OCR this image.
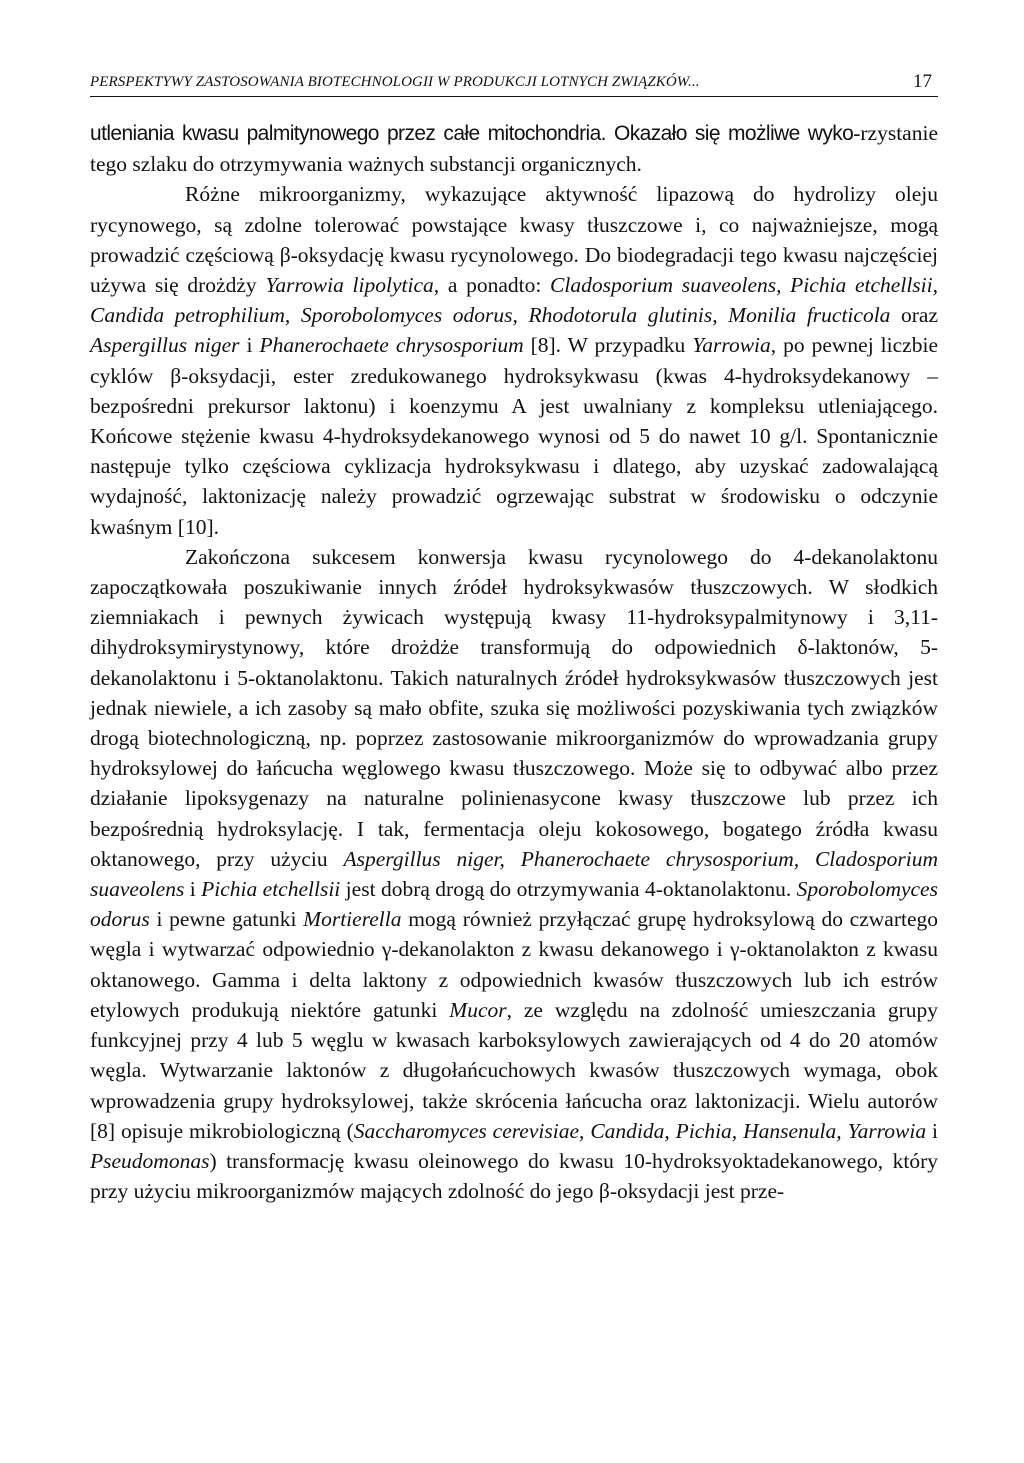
PERSPEKTYWY ZASTOSOWANIA BIOTECHNOLOGII W PRODUKCJI LOTNYCH ZWIĄZKÓW...	17

utleniania kwasu palmitynowego przez całe mitochondria. Okazało się możliwe wyko-rzystanie tego szlaku do otrzymywania ważnych substancji organicznych.

Różne mikroorganizmy, wykazujące aktywność lipazową do hydrolizy oleju rycynowego, są zdolne tolerować powstające kwasy tłuszczowe i, co najważniejsze, mogą prowadzić częściową β-oksydację kwasu rycynolowego. Do biodegradacji tego kwasu najczęściej używa się drożdży Yarrowia lipolytica, a ponadto: Cladosporium suaveolens, Pichia etchellsii, Candida petrophilium, Sporobolomyces odorus, Rhodotorula glutinis, Monilia fructicola oraz Aspergillus niger i Phanerochaete chrysosporium [8]. W przypadku Yarrowia, po pewnej liczbie cyklów β-oksydacji, ester zredukowanego hydroksykwasu (kwas 4-hydroksydekanowy – bezpośredni prekursor laktonu) i koenzymu A jest uwalniany z kompleksu utleniającego. Końcowe stężenie kwasu 4-hydroksydekanowego wynosi od 5 do nawet 10 g/l. Spontanicznie następuje tylko częściowa cyklizacja hydroksykwasu i dlatego, aby uzyskać zadowalającą wydajność, laktonizację należy prowadzić ogrzewając substrat w środowisku o odczynie kwaśnym [10].

Zakończona sukcesem konwersja kwasu rycynolowego do 4-dekanolaktonu zapoczątkowała poszukiwanie innych źródeł hydroksykwasów tłuszczowych. W słodkich ziemniakach i pewnych żywicach występują kwasy 11-hydroksypalmitynowy i 3,11-dihydroksymirystynowy, które drożdże transformują do odpowiednich δ-laktonów, 5-dekanolaktonu i 5-oktanolaktonu. Takich naturalnych źródeł hydroksykwasów tłuszczowych jest jednak niewiele, a ich zasoby są mało obfite, szuka się możliwości pozyskiwania tych związków drogą biotechnologiczną, np. poprzez zastosowanie mikroorganizmów do wprowadzania grupy hydroksylowej do łańcucha węglowego kwasu tłuszczowego. Może się to odbywać albo przez działanie lipoksygenazy na naturalne polinienasycone kwasy tłuszczowe lub przez ich bezpośrednią hydroksylację. I tak, fermentacja oleju kokosowego, bogatego źródła kwasu oktanowego, przy użyciu Aspergillus niger, Phanerochaete chrysosporium, Cladosporium suaveolens i Pichia etchellsii jest dobrą drogą do otrzymywania 4-oktanolaktonu. Sporobolomyces odorus i pewne gatunki Mortierella mogą również przyłączać grupę hydroksylową do czwartego węgla i wytwarzać odpowiednio γ-dekanolakton z kwasu dekanowego i γ-oktanolakton z kwasu oktanowego. Gamma i delta laktony z odpowiednich kwasów tłuszczowych lub ich estrów etylowych produkują niektóre gatunki Mucor, ze względu na zdolność umieszczania grupy funkcyjnej przy 4 lub 5 węglu w kwasach karboksylowych zawierających od 4 do 20 atomów węgla. Wytwarzanie laktonów z długołańcuchowych kwasów tłuszczowych wymaga, obok wprowadzenia grupy hydroksylowej, także skrócenia łańcucha oraz laktonizacji. Wielu autorów [8] opisuje mikrobiologiczną (Saccharomyces cerevisiae, Candida, Pichia, Hansenula, Yarrowia i Pseudomonas) transformację kwasu oleinowego do kwasu 10-hydroksyoktadekanowego, który przy użyciu mikroorganizmów mających zdolność do jego β-oksydacji jest prze-
